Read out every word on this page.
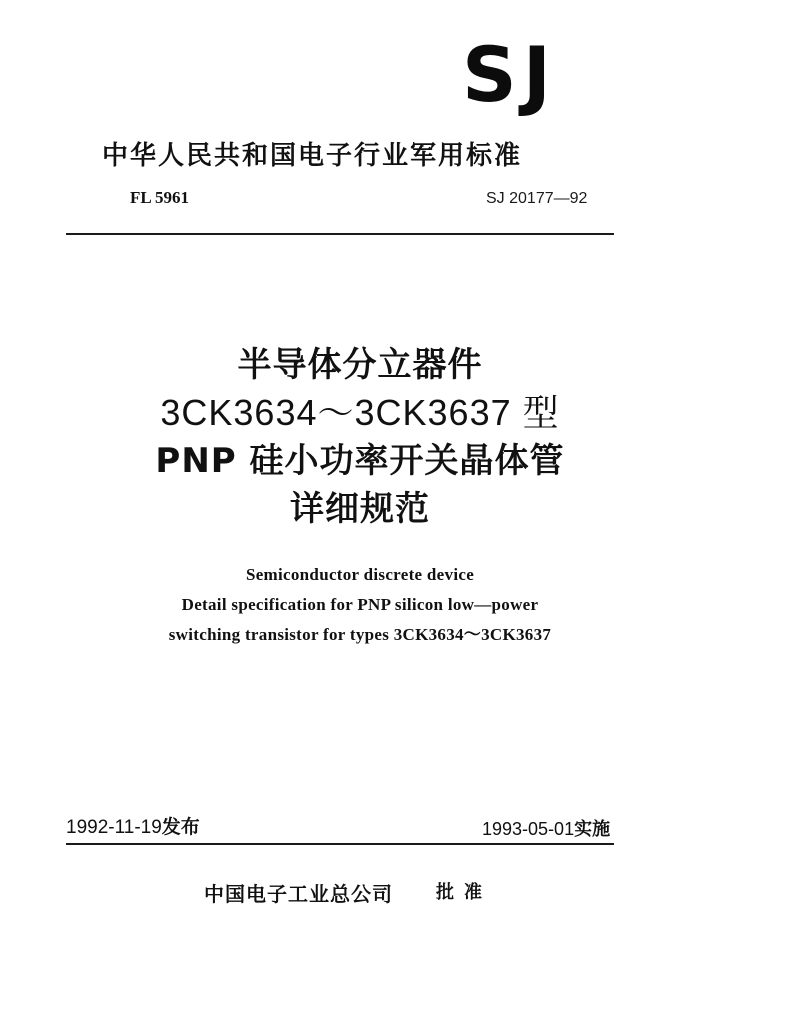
SJ
中华人民共和国电子行业军用标准
FL 5961	SJ 20177—92
半导体分立器件
3CK3634～3CK3637 型
PNP 硅小功率开关晶体管
详细规范
Semiconductor discrete device
Detail specification for PNP silicon low—power
switching transistor for types 3CK3634～3CK3637
1992-11-19发布	1993-05-01实施
中国电子工业总公司 批准
